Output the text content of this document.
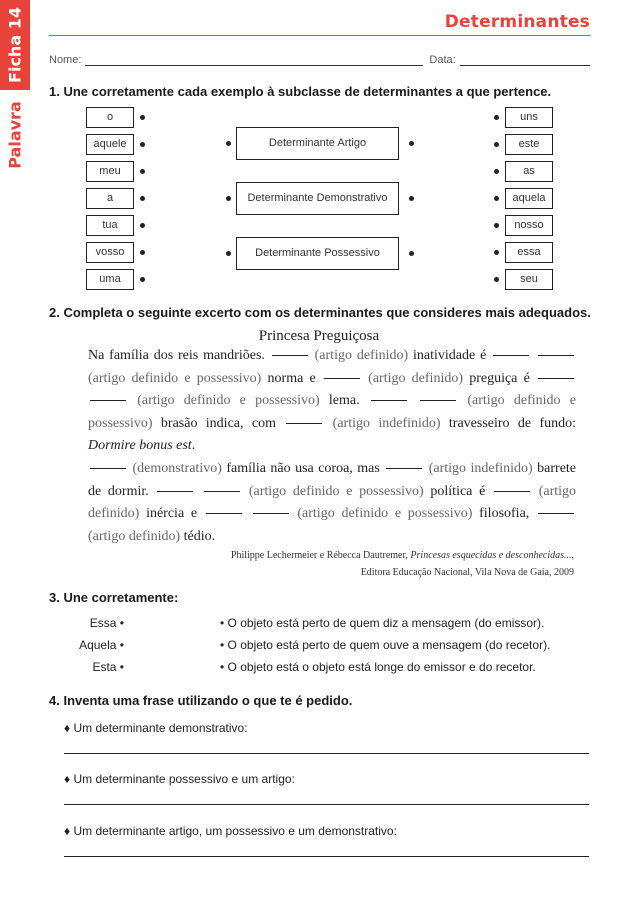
Ficha 14
Palavra
Determinantes
Nome:	Data:
1. Une corretamente cada exemplo à subclasse de determinantes a que pertence.
o
aquele
meu
a
tua
vosso
uma
Determinante Artigo
Determinante Demonstrativo
Determinante Possessivo
uns
este
as
aquela
nosso
essa
seu
2. Completa o seguinte excerto com os determinantes que consideres mais adequados.
Princesa Preguiçosa

Na família dos reis mandriões.	(artigo definido) inatividade é   (artigo definido e possessivo) norma e	(artigo definido) preguiça é   (artigo definido e possessivo) lema.	(artigo definido e possessivo) brasão indica, com	(artigo indefinido) travesseiro de fundo: Dormire bonus est.

(demonstrativo) família não usa coroa, mas	(artigo indefinido) barrete de dormir.	(artigo definido e possessivo) política é	(artigo definido) inércia e	(artigo definido e possessivo) filosofia,  (artigo definido) tédio.

Philippe Lechermeier e Rébecca Dautremer, Princesas esquecidas e desconhecidas...,
Editora Educação Nacional, Vila Nova de Gaia, 2009
3. Une corretamente:
Essa •
Aquela •
Esta •
• O objeto está perto de quem diz a mensagem (do emissor).
• O objeto está perto de quem ouve a mensagem (do recetor).
• O objeto está o objeto está longe do emissor e do recetor.
4. Inventa uma frase utilizando o que te é pedido.
♦ Um determinante demonstrativo:
♦ Um determinante possessivo e um artigo:
♦ Um determinante artigo, um possessivo e um demonstrativo:
